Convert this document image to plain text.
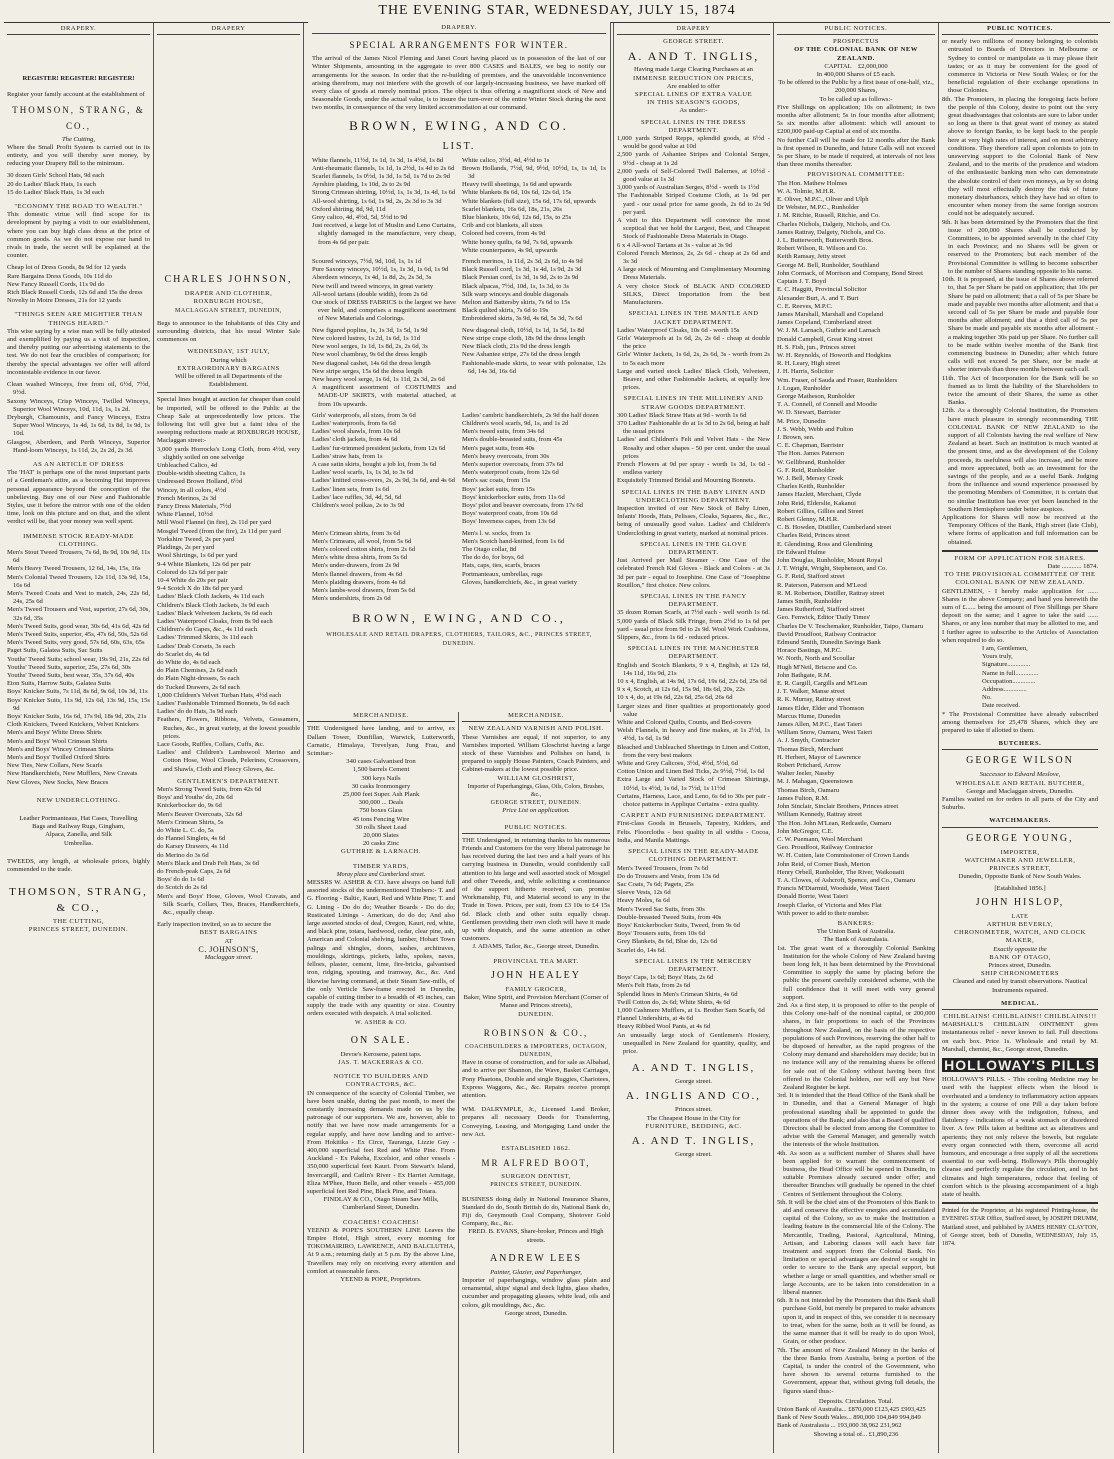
THE EVENING STAR, WEDNESDAY, JULY 15, 1874
DRAPERY.
REGISTER! REGISTER! REGISTER!
Register your family account at the establishment of
THOMSON, STRANG, & CO.,
The Cutting,
Where the Small Profit System is carried out in its entirety, and you will thereby save money, by reducing your Drapery Bill to the minimum.
30 dozen Girls' School Hats, 9d each
20 do Ladies' Black Hats, 1s each
15 do Ladies' Black Hats, 1s 3d each
"ECONOMY THE ROAD TO WEALTH."
This domestic virtue will find scope for its development by paying a visit to our establishment, where you can buy high class dress at the price of common goods. As we do not expose our hand to rivals in trade, the secret will be explained at the counter.
Cheap lot of Dress Goods, 8s 9d for 12 yards
Rare Bargains Dress Goods, 10s 11d do
New Fancy Russell Cords, 11s 9d do
Rich Black Russell Cords, 12s 6d and 15s the dress
Novelty in Moire Dresses, 21s for 12 yards
"THINGS SEEN ARE MIGHTIER THAN THINGS HEARD."
This wise saying by a wise man will be fully attested and exemplified by paying us a visit of inspection, and thereby putting our advertising statements to the test. We do not fear the crucibles of comparison; for thereby the special advantages we offer will afford incontestable evidence in our favor.
Clean washed Winceys, free from oil, 6½d, 7½d, 9½d.
Saxony Winceys, Crisp Winceys, Twilled Winceys, Superior Wool Winceys, 10d, 11d, 1s, 1s 2d.
Dryburgh, Chamounix, and Fancy Winceys, Extra Super Wool Winceys, 1s 4d, 1s 6d, 1s 8d, 1s 9d, 1s 10d.
Glasgow, Aberdeen, and Perth Winceys, Superior Hand-loom Winceys, 1s 11d, 2s, 2s 2d, 2s 3d.
AS AN ARTICLE OF DRESS
The 'HAT' is perhaps one of the most important parts of a Gentleman's attire, as a becoming Hat improves personal appearance beyond the conception of the unbelieving. Buy one of our New and Fashionable Styles, use it before the mirror with one of the olden time, look on this picture and on that, and the silent verdict will be, that your money was well spent.
IMMENSE STOCK READY-MADE CLOTHING.
Men's Stout Tweed Trousers, 7s 6d, 8s 9d, 10s 9d, 11s 6d
Men's Heavy Tweed Trousers, 12 6d, 14s, 15s, 16s
Men's Colonial Tweed Trousers, 12s 11d, 13s 9d, 15s, 16s 6d
Men's Tweed Coats and Vest to match, 24s, 22s 6d, 24s, 25s 6d
Men's Tweed Trousers and Vest, superior, 27s 6d, 30s, 32s 6d, 35s
Men's Tweed Suits, good wear, 30s 6d, 41s 6d, 42s 6d
Men's Tweed Suits, superior, 45s, 47s 6d, 50s, 52s 6d
Men's Tweed Suits, very good, 57s 6d, 60s, 63s, 65s
Paget Suits, Galatea Suits, Sac Suits
Youths' Tweed Suits; school wear, 19s 9d, 21s, 22s 6d
Youths' Tweed Suits, superior, 25s, 27s 6d, 30s
Youths' Tweed Suits, best wear, 35s, 37s 6d, 40s
Eton Suits, Harrow Suits, Galatea Suits
Boys' Knicker Suits, 7s 11d, 8s 6d, 9s 6d, 10s 3d, 11s
Boys' Knicker Suits, 11s 9d, 12s 6d, 13s 9d, 15s, 15s 9d
Boys' Knicker Suits, 16s 6d, 17s 9d, 18s 9d, 20s, 21s
Cloth Knickers, Tweed Knickers, Velvet Knickers
Men's and Boys' White Dress Shirts
Men's and Boys' Wool Crimean Shirts
Men's and Boys' Wincey Crimean Shirts
Men's and Boys' Twilled Oxford Shirts
New Ties, New Collars, New Scarfs
New Handkerchiefs, New Mufflers, New Cravats
New Gloves, New Socks, New Braces
NEW UNDERCLOTHING.
Leather Portmanteaus, Hat Cases, Travelling
Bags and Railway Rugs, Gingham,
Alpaca, Zanella, and Silk
Umbrellas.
TWEEDS, any length, at wholesale prices, highly commended to the trade.
THOMSON, STRANG, & CO.,
THE CUTTING,
PRINCES STREET, DUNEDIN.
DRAPERY
CHARLES JOHNSON,
DRAPER AND CLOTHIER,
ROXBURGH HOUSE,
MACLAGGAN STREET, DUNEDIN,
Begs to announce to the Inhabitants of this City and surrounding districts, that his usual Winter Sale commences on
WEDNESDAY, 1ST JULY,
During which
EXTRAORDINARY BARGAINS
Will be offered in all Departments of the Establishment.
Special lines bought at auction far cheaper than could be imported, will be offered to the Public at the Cheap Sale at unprecedentedly low prices. The following list will give but a faint idea of the sweeping reductions made at ROXBURGH HOUSE, Maclaggan street:-
3,000 yards Horrocks's Long Cloth, from 4½d, very slightly soiled on one selvedge
Unbleached Calico, 4d
Double-width sheeting Calico, 1s
Undressed Brown Holland, 6½d
Wincey, in all colors, 4½d
French Merinos, 2s 3d
Fancy Dress Materials, 7½d
White Flannel, 10½d
Mill Wool Flannel (in fire), 2s 11d per yard
Mosgiel Tweed (from the fire), 2s 11d per yard
Yorkshire Tweed, 2s per yard
Plaidings, 2s per yard
Wool Shirtings, 1s 6d per yard
9-4 White Blankets, 12s 6d per pair
Colored do 12s 6d per pair
10-4 White do 20s per pair
9-4 Scotch X do 18s 6d per yard
Ladies' Black Cloth Jackets, 4s 11d each
Children's Black Cloth Jackets, 3s 9d each
Ladies' Black Velveteen Jackets, 9s 6d each
Ladies' Waterproof Cloaks, from 8s 9d each
Children's do Capes, &c., 4s 11d each
Ladies' Trimmed Skirts, 3s 11d each
Ladies' Drab Corsets, 3s each
do Scarlet do, 4s 6d
do White do, 4s 6d each
do Plain Chemises, 2s 6d each
do Plain Night-dresses, 5s each
do Tucked Drawers, 2s 6d each
1,000 Children's Velvet Turban Hats, 4½d each
Ladies' Fashionable Trimmed Bonnets, 9s 6d each
Ladies' do do Hats, 3s 9d each
Feathers, Flowers, Ribbons, Velvets, Gossamers, Ruches, &c., in great variety, at the lowest possible prices.
Lace Goods, Ruffles, Collars, Cuffs, &c.
Ladies' and Children's Lambswool Merino and Cotton Hose, Wool Clouds, Pelerines, Crossovers, and Shawls, Cloth and Fleecy Gloves, &c.
GENTLEMEN'S DEPARTMENT.
Men's Strong Tweed Suits, from 42s 6d
Boys' and Youths' do, 20s 6d
Knickerbocker do, 9s 6d
Men's Beaver Overcoats, 32s 6d
Men's Crimean Shirts, 5s
do White L. C. do, 5s
do Flannel Singlets, 4s 6d
do Karsey Drawers, 4s 11d
do Merino do 3s 6d
Men's Black and Drab Felt Hats, 3s 6d
do French-peak Caps, 2s 6d
Boys' do do 1s 6d
do Scotch do 2s 6d
Men's and Boys' Hose, Gloves, Wool Cravats, and Silk Scarfs, Collars, Ties, Braces, Handkerchiefs, &c., equally cheap.
Early inspection invited, so as to secure the
BEST BARGAINS
AT
C. JOHNSON'S,
Maclaggan street.
MERCHANDISE.
THE Undersigned have landing, and to arrive, ex Dallam Tower, Dunfillan, Warwick, Lutterworth, Carnatic, Himalaya, Trevelyan, Jung Frau, and Scimitar:-
340 cases Galvanised Iron
1,500 barrels Cement
300 keys Nails
30 casks Ironmongery
25,000 feet Super. Ash Plank
300,000 ... Deals
750 boxes Glass
45 tons Fencing Wire
30 rolls Sheet Lead
20,000 Slates
20 casks Zinc
GUTHRIE & LARNACH.
TIMBER YARDS,
Moray place and Cumberland street.
MESSRS W. ASHER & CO. have always on hand full assorted stocks of the undermentioned Timbers:- T. and G. Flooring - Baltic, Kauri, Red and White Pine; T. and G. Lining - Do do do; Weather Boards - Do do do; Rusticated Linings - American, do do do; And also large assorted stocks of deal, Oregon, Kauri, red, white, and black pine, totara, hardwood, cedar, clear pine, ash, American and Colonial shelving, lumber, Hobart Town palings and shingles, doors, sashes, architraves, mouldings, skirtings, pickets, laths, spokes, naves, felloes, plaster, cement, lime, fire-bricks, galvanised iron, ridging, spouting, and tramway, &c., &c. And likewise having command, at their Steam Saw-mills, of the only Verticle Saw-frame erected in Dunedin, capable of cutting timber to a breadth of 45 inches, can supply the trade with any quantity or size. Country orders executed with despatch. A trial solicited.
W. ASHER & CO.
ON SALE.
Devoe's Kerosene, patent taps.
JAS. T. MACKERRAS & CO.
NOTICE TO BUILDERS AND CONTRACTORS, &C.
IN consequence of the scarcity of Colonial Timber, we have been unable, during the past month, to meet the constantly increasing demands made on us by the patronage of our supporters. We are, however, able to notify that we have now made arrangements for a regular supply, and have now landing and to arrive:- From Hokitika - Ex Circe, Tauranga, Lizzie Guy - 400,000 superficial feet Red and White Pine. From Auckland - Ex Pakeha, Excelsior, and other vessels - 350,000 superficial feet Kauri. From Stewart's Island, Invercargill, and Catlin's River - Ex Harriet Armitage, Eliza M'Phee, Huon Belle, and other vessels - 455,000 superficial feet Red Pine, Black Pine, and Totara.
FINDLAY & CO., Otago Steam Saw Mills, Cumberland Street, Dunedin.
COACHES! COACHES!
YEEND & POPE'S SOUTHERN LINE Leaves the Empire Hotel, High street, every morning for TOKOMAIRIRO, LAWRENCE, AND BALCLUTHA, At 9 a.m.; returning daily at 5 p.m. By the above Line, Travellers may rely on receiving every attention and comfort at reasonable fares.
YEEND & POPE, Proprietors.
MERCHANDISE.
NEW ZEALAND VARNISH AND POLISH.
These Varnishes are equal, if not superior, to any Varnishes imported. William Gloschrist having a large stock of these Varnishes and Polishes on hand, is prepared to supply House Painters, Coach Painters, and Cabinet-makers at the lowest possible price.
WILLIAM GLOSHRIST,
Importer of Paperhangings, Glass, Oils, Colors, Brushes, &c.,
GEORGE STREET, DUNEDIN.
Price List on application.
PUBLIC NOTICES.
THE Undersigned, in returning thanks to his numerous Friends and Customers for the very liberal patronage he has received during the last two and a half years of his carrying business in Dunedin, would confidently call attention to his large and well assorted stock of Mosgiel and other Tweeds, and, while soliciting a continuance of the support hitherto received, can promise Workmanship, Fit, and Material second to any in the Trade in Town. Prices, per suit, from £3 10s to £4 15s 6d. Black cloth and other suits equally cheap. Gentlemen providing their own cloth will have it made up with despatch, and the same attention as other customers.
J. ADAMS, Tailor, &c., George street, Dunedin.
PROVINCIAL TEA MART.
JOHN HEALEY
FAMILY GROCER,
Baker, Wine Spirit, and Provision Merchant (Corner of Manse and Princes streets),
DUNEDIN.
ROBINSON & CO.,
COACHBUILDERS & IMPORTERS, OCTAGON, DUNEDIN,
Have in course of construction, and for sale as Albahad, and to arrive per Shannon, the Wave, Basket Carriages, Pony Phaetons, Double and single Buggies, Chariotees, Express Waggons, &c., &c. Repairs receive prompt attention.
WM. DALRYMPLE, Jr., Licensed Land Broker, prepares all necessary Deeds for Transferring, Conveying, Leasing, and Mortgaging Land under the new Act.
ESTABLISHED 1862.
MR ALFRED BOOT,
SURGEON DENTIST,
PRINCES STREET, DUNEDIN.
BUSINESS doing daily in National Insurance Shares, Standard do do, South British do do, National Bank do, Fiji do, Greymouth Coal Company, Shotover Gold Company, &c., &c.
FRED. B. EVANS, Share-broker, Princes and High streets.
ANDREW LEES
Painter, Glazier, and Paperhanger,
Importer of paperhangings, window glass plain and ornamental, ships' signal and deck lights, glass shades, cucumber and propagating glasses, white lead, oils and colors, gilt mouldings, &c., &c.
George street, Dunedin.
DRAPERY
GEORGE STREET.
A. AND T. INGLIS,
Having made Large Clearing Purchases at an
IMMENSE REDUCTION ON PRICES,
Are enabled to offer
SPECIAL LINES OF EXTRA VALUE
IN THIS SEASON'S GOODS,
As under:-
SPECIAL LINES IN THE DRESS DEPARTMENT.
1,000 yards Striped Repps, splendid goods, at 6½d - would be good value at 10d
2,500 yards of Ashantee Stripes and Colonial Serges, 9½d - cheap at 1s 2d
2,000 yards of Self-Colored Twill Balernes, at 10½d - good value at 1s 3d
3,000 yards of Australian Serges, 8½d - worth 1s 1½d
The Fashionable Striped Costume Cloth, at 1s 9d per yard - our usual price for same goods, 2s 6d to 2s 9d per yard.
A visit to this Department will convince the most sceptical that we hold the Largest, Best, and Cheapest Stock of Fashionable Dress Materials in Otago.
6 x 4 All-wool Tartans at 3s - value at 3s 9d
Colored French Merinos, 2s, 2s 6d - cheap at 2s 6d and 3s 3d
A large stock of Mourning and Complimentary Mourning Dress Materials.
A very choice Stock of BLACK AND COLORED SILKS, Direct Importation from the best Manufacturers.
SPECIAL LINES IN THE MANTLE AND JACKET DEPARTMENT.
Ladies' Waterproof Cloaks, 10s 6d - worth 15s
Girls' Waterproofs at 1s 6d, 2s, 2s 6d - cheap at double the price
Girls' Winter Jackets, 1s 6d, 2s, 2s 6d, 3s - worth from 2s to 5s each more
Large and varied stock Ladies' Black Cloth, Velveteen, Beaver, and other Fashionable Jackets, at equally low prices.
SPECIAL LINES IN THE MILLINERY AND STRAW GOODS DEPARTMENT.
300 Ladies' Black Straw Hats at 9d - worth 1s 6d
370 Ladies' Fashionable do at 1s 3d to 2s 6d, being at half the usual prices
Ladies' and Children's Felt and Velvet Hats - the New Rosalty and other shapes - 50 per cent. under the usual prices
French Flowers at 9d per spray - worth 1s 3d, 1s 6d - endless variety
Exquisitely Trimmed Bridal and Mourning Bonnets.
SPECIAL LINES IN THE BABY LINEN AND UNDERCLOTHING DEPARTMENT.
Inspection invited of our New Stock of Baby Linen, Infants' Hoods, Hats, Pelisses, Cloaks, Squares, &c., &c., being of unusually good value. Ladies' and Children's Underclothing in great variety, marked at nominal prices.
SPECIAL LINES IN THE GLOVE DEPARTMENT.
Just Arrived per Mail Steamer - One Case of the celebrated French Kid Gloves - Black and Colors - at 3s 3d per pair - equal to Josephine. One Case of "Josephine Rouillon," first choice. New colors.
SPECIAL LINES IN THE FANCY DEPARTMENT.
35 dozen Roman Scarfs, at 7½d each - well worth 1s 6d. 5,000 yards of Black Silk Fringe, from 2½d to 1s 6d per yard - usual price from 9d to 2s 9d. Wool Work Cushions, Slippers, &c., from 1s 6d - reduced prices.
SPECIAL LINES IN THE MANCHESTER DEPARTMENT.
English and Scotch Blankets, 9 x 4, English, at 12s 6d, 14s 11d, 16s 9d, 21s
10 x 4, English, at 14s 9d, 17s 6d, 19s 6d, 22s 6d, 25s 6d
9 x 4, Scotch, at 12s 6d, 15s 9d, 18s 6d, 20s, 22s
10 x 4, do, at 19s 6d, 22s 6d, 25s 6d, 26s 6d
Larger sizes and finer qualities at proportionately good value
White and Colored Quilts, Counts, and Bed-covers
Welsh Flannels, in heavy and fine makes, at 1s 2½d, 1s 4½d, 1s 6d, 1s 9d
Bleached and Unbleached Sheetings in Linen and Cotton, from the very best makers
White and Grey Calicoes, 3½d, 4½d, 5½d, 6d
Cotton Union and Linen Bed Ticks, 2s 9½d, 7½d, 1s 6d
Extra Large and Varied Stock of Crimean Shirtings, 10½d, 1s 4½d, 1s 6d, 1s 7½d, 1s 11½d
Curtains, Harness, Lace, and Leno, 6s 6d to 30s per pair - choice patterns in Applique Curtains - extra quality.
CARPET AND FURNISHING DEPARTMENT.
First-class Goods in Brussels, Tapestry, Kidders, and Felts. Floorcloths - best quality in all widths - Cocoa, India, and Manila Mattings.
SPECIAL LINES IN THE READY-MADE CLOTHING DEPARTMENT.
Men's Tweed Trousers, from 7s 6d
Do do Trousers and Vests, from 13s 6d
Sac Coats, 7s 6d; Pagets, 25s
Sleeve Vests, 12s 6d
Heavy Moles, 6s 6d
Men's Tweed Sac Suits, from 30s
Double-breasted Tweed Suits, from 40s
Boys' Knickerbocker Suits, Tweed, from 9s 6d
Boys' Trousers suits, from 10s 6d
Grey Blankets, 8s 6d, Blue do, 12s 6d
Scarlet do, 14s 6d.
SPECIAL LINES IN THE MERCERY DEPARTMENT.
Boys' Caps, 1s 6d; Boys' Hats, 2s 6d
Men's Felt Hats, from 2s 6d
Splendid lines in Men's Crimean Shirts, 4s 6d
Twill Cotton do, 2s 6d; White Shirts, 4s 6d
1,000 Cashmere Mufflers, at 1s. Brother Sam Scarfs, 6d
Flannel Undershirts, at 4s 6d
Heavy Ribbed Wool Pants, at 4s 6d
An unusually large stock of Gentlemen's Hosiery, unequalled in New Zealand for quantity, quality, and price.
A. AND T. INGLIS,
George street.
A. INGLIS AND CO.,
Princes street.
The Cheapest House in the City for
FURNITURE, BEDDING, &C.
A. AND T. INGLIS,
George street.
PUBLIC NOTICES.
PROSPECTUS
OF THE COLONIAL BANK OF NEW ZEALAND.
CAPITAL £2,000,000
In 400,000 Shares of £5 each.
To be offered to the Public by a first issue of one-half, viz., 200,000 Shares,
To be called up as follows:-
Five Shillings on application; 10s on allotment; in two months after allotment; 5s in four months after allotment; 5s six months after allotment: which will amount to £200,000 paid-up Capital at end of six months.
No further Call will be made for 12 months after the Bank is first opened in Dunedin, and future Calls will not exceed 5s per Share, to be made if required, at intervals of not less than three months thereafter.
PROVISIONAL COMMITTEE:
The Hon. Mathew Holmes
W. A. Tolmie, M.H.R.
E. Oliver, M.P.C., Oliver and Ulph
Dr Webster, M.P.C., Runholder
J. M. Ritchie, Russell, Ritchie, and Co.
Charles Nichols, Dalgety, Nichols, and Co.
James Rattray, Dalgety, Nichols, and Co.
J. L. Butterworth, Butterworth Bros.
Robert Wilson, R. Wilson and Co.
Keith Ramsay, Jetty street
George M. Bell, Runholder, Southland
John Cormack, of Morrison and Company, Bond Street
Captain J. T. Boyd
E. C. Haggitt, Provincial Solicitor
Alexander Burt, A. and T. Burt
C. E. Reeves, M.P.C.
James Marshall, Marshall and Copeland
James Copeland, Cumberland street
W. J. M. Larnach, Guthrie and Larnach
Donald Campbell, Great King street
H. S. Fish, jun., Princes street
W. H. Reynolds, of Howorth and Hodgkins
R. H. Leary, High street
J. H. Harris, Solicitor
Wm. Fraser, of Sauda and Fraser, Runholders
J. Logan, Runholder
George Matheson, Runholder
T. A. Connell, of Connell and Moodie
W. D. Stewart, Barrister
M. Price, Dunedin
J. S. Webb, Webb and Fulton
J. Brown, sen.
C. E. Chapman, Barrister
The Hon. James Paterson
W. Gellibrand, Runholder
G. F. Reid, Runholder
W. J. Bell, Mersey Creek
Charles Keith, Runholder
James Hazlett, Merchant, Clyde
John Reid, Elderslie, Kakanui
Robert Gillies, Gillies and Street
Robert Glenny, M.H.R.
C. B. Howden, Distiller, Cumberland street
Charles Reid, Princes street
E. Glendining, Ross and Glendining
Dr Edward Hulme
John Douglas, Runholder, Mount Royal
J. T. Wright, Wright, Stephenson, and Co.
G. F. Reid, Stafford street
R. Paterson, Paterson and M'Leod
R. M. Robertson, Distiller, Rattray street
James Smith, Runholder
James Rutherford, Stafford street
Geo. Fenwick, Editor 'Daily Times'
Charles De V. Teschemaker, Runholder, Taipo, Oamaru
David Proudfoot, Railway Contractor
Edmund Smith, Dunedin Savings Bank
Horace Bastings, M.P.C.
W. North, North and Scoullar
Hugh M'Neil, Briscoe and Co.
John Bathgate, R.M.
E. R. Cargill, Cargills and M'Lean
J. T. Walker, Manse street
R. K. Murray, Rattray street
James Elder, Elder and Thomson
Marcus Hume, Dunedin
James Allen, M.P.C., East Taieri
William Snow, Oamaru, West Taieri
A. J. Smyth, Contractor
Thomas Birch, Merchant
H. Herbert, Mayor of Lawrence
Robert Pritchard, Arrow
Walter Jeeler, Naseby
M. J. Mahagan, Queenstown
Thomas Birch, Oamaru
James Fulton, R.M.
John Sinclair, Sinclair Brothers, Princes street
William Kennedy, Rattray street
The Hon. John M'Lean, Redcastle, Oamaru
John McGregor, C.E.
C. W. Puemann, Wool Merchant
Geo. Proudfoot, Railway Contractor
W. H. Cutten, late Commissioner of Crown Lands
John Reid, of Corner Bush, Merton
Henry Orbell, Runholder, The River, Waikouaiti
T. A. Clowes, of Ashcroft, Spence, and Co., Oamaru
Francis M'Diarmid, Woodside, West Taieri
Donald Borrie, West Taieri
Joseph Clarke, of Victoria and Mes Flat
With power to add to their number.
BANKERS:
The Union Bank of Australia.
The Bank of Australasia.
1st. The great want of a thoroughly Colonial Banking Institution for the whole Colony of New Zealand having been long felt, it has been determined by the Provisional Committee to supply the same by placing before the public the present carefully considered scheme, with the full confidence that it will meet with very general support.
2nd. As a first step, it is proposed to offer to the people of this Colony one-half of the nominal capital, or 200,000 shares, in fair proportions to each of the Provinces throughout New Zealand, on the basis of the respective populations of such Provinces, reserving the other half to be disposed of hereafter, as the rapid progress of the Colony may demand and shareholders may decide; but in no instance will any of the remaining shares be offered for sale out of the Colony without having been first offered to the Colonial holders, nor will any but New Zealand Register be kept.
3rd. It is intended that the Head Office of the Bank shall be in Dunedin, and that a General Manager of high professional standing shall be appointed to guide the operations of the Bank; and also that a Board of qualified Directors shall be elected from among the Committee to advise with the General Manager, and generally watch the interests of the whole Institution.
4th. As soon as a sufficient number of Shares shall have been applied for to warrant the commencement of business, the Head Office will be opened in Dunedin, in suitable Premises already secured under offer; and thereafter Branches will gradually be opened in the chief Centres of Settlement throughout the Colony.
5th. It will be the chief aim of the Promoters of this Bank to aid and conserve the effective energies and accumulated capital of the Colony, so as to make the Institution a leading feature in the commercial life of the Colony. The Mercantile, Trading, Pastoral, Agricultural, Mining, Artisan, and Laboring classes will each have fair treatment and support from the Colonial Bank. No limitation or special advantages are desired or sought in order to secure to the Bank any special support, but whether a large or small quantities, and whether small or large Accounts, are to be taken into consideration in a liberal manner.
6th. It is not intended by the Promoters that this Bank shall purchase Gold, but merely be prepared to make advances upon it, and in respect of this, we consider it is necessary to treat, when for the same, both as it will be found, as the same manner that it will be ready to do upon Wool, Grain, or other produce.
7th. The amount of New Zealand Money in the banks of the three Banks from Australia, being a portion of the Capital, is under the control of the Government, who have shown its several returns furnished to the Government, appear that, without giving full details, the figures stand thus:-
Deposits. Circulation. Total.
Union Bank of Australia... £870,000 £123,425 £993,425
Bank of New South Wales... 890,000 104,849 994,849
Bank of Australasia ... 193,000 38,962 231,962
Showing a total of... £1,890,236
PUBLIC NOTICES.
or nearly two millions of money belonging to colonists entrusted to Boards of Directors in Melbourne or Sydney to control or manipulate as it may please their tastes; or as it may be convenient for the good of commerce in Victoria or New South Wales; or for the beneficial regulation of their exchange operations in those Colonies.
8th. The Promoters, in placing the foregoing facts before the people of this Colony, desire to point out the very great disadvantages that colonists are sure to labor under so long as there is that great want of money as stated above to foreign Banks, to be kept back to the people here at very high rates of interest, and on most arbitrary conditions. They therefore call upon colonists to join in unswerving support to the Colonial Bank of New Zealand, and to the merits of the prudence and wisdom of the enthusiastic banking men who can demonstrate the absolute control of their own moneys, as by so doing they will most effectually destroy the risk of future monetary disturbances, which they have had so often to encounter when money from the same foreign sources could not be adequately secured.
9th. It has been determined by the Promoters that the first issue of 200,000 Shares shall be conducted by Committees, to be appointed severally in the chief City in each Province; and no Shares will be given or reserved to the Promoters; but each member of the Provisional Committee is willing to become subscriber to the number of Shares standing opposite to his name.
10th. It is proposed, at the issue of Shares above referred to, that 5s per Share be paid on application; that 10s per Share be paid on allotment; that a call of 5s per Share be made and payable two months after allotment; and that a second call of 5s per Share be made and payable four months after allotment; and that a third call of 5s per Share be made and payable six months after allotment - a making together 30s paid up per Share. No further call to be made within twelve months of the Bank first commencing business in Dunedin; after which future calls will not exceed 5s per Share, nor be made at shorter intervals than three months between each call.
11th. The Act of Incorporation for the Bank will be so framed as to limit the liability of the Shareholders to twice the amount of their Shares, the same as other Banks.
12th. As a thoroughly Colonial Institution, the Promoters have much pleasure in strongly recommending THE COLONIAL BANK OF NEW ZEALAND to the support of all Colonists having the real welfare of New Zealand at heart. Such an institution is much wanted at the present time, and as the development of the Colony proceeds, its usefulness will also increase, and be more and more appreciated, both as an investment for the savings of the people, and as a useful Bank. Judging from the influence and sound experience possessed by the promoting Members of Committee, it is certain that no similar Institution has ever yet been launched in the Southern Hemisphere under better auspices.
Applications for Shares will now be received at the Temporary Offices of the Bank, High street (late Club), where forms of application and full information can be obtained.
FORM OF APPLICATION FOR SHARES.
Date ............ 1874.
TO THE PROVISIONAL COMMITTEE OF THE COLONIAL BANK OF NEW ZEALAND.
GENTLEMEN, - I hereby make application for ...... Shares in the above Company; and hand you herewith the sum of £...... being the amount of Five Shillings per Share deposit on the same; and I agree to take the said ...... Shares, or any less number that may be allotted to me, and I further agree to subscribe to the Articles of Association when required to do so.
I am, Gentlemen,
Yours truly,
Signature..............
Name in full..............
Occupation..............
Address..............
No.
Date received.
* The Provisional Committee have already subscribed among themselves for 25,478 Shares, which they are prepared to take if allotted to them.
BUTCHERS.
GEORGE WILSON
Successor to Edward Meslove,
WHOLESALE AND RETAIL BUTCHER,
George and Maclaggan streets, Dunedin.
Families waited on for orders in all parts of the City and Suburbs.
WATCHMAKERS.
GEORGE YOUNG,
IMPORTER,
WATCHMAKER AND JEWELLER,
PRINCES STREET,
Dunedin, Opposite Bank of New South Wales.
[Established 1856.]
JOHN HISLOP,
LATE
ARTHUR BEVERLY,
CHRONOMETER, WATCH, AND CLOCK MAKER,
Exactly opposite the
BANK OF OTAGO,
Princes street, Dunedin.
SHIP CHRONOMETERS
Cleaned and rated by transit observations. Nautical Instruments repaired.
MEDICAL.
CHILBLAINS! CHILBLAINS!! CHILBLAINS!!!
MARSHALL'S CHILBLAIN OINTMENT gives instantaneous relief - never known to fail. Full directions on each box. Price 1s. Wholesale and retail by M. Marshall, chemist, &c., George street, Dunedin.
HOLLOWAY'S PILLS
HOLLOWAY'S PILLS. - This cooling Medicine may be used with the happiest effects when the blood is overheated and a tendency to inflammatory action appears in the system; a course of one Pill a day taken before dinner does away with the indigestion, fulness, and flatulency - indications of a weak stomach or disordered liver. A few Pills taken at bedtime act as alteratives and aperients; they not only relieve the bowels, but regulate every organ connected with them, overcome all acrid humours, and encourage a free supply of all the secretions essential to our well-being. Holloway's Pills thoroughly cleanse and perfectly regulate the circulation, and in hot climates and high temperatures, reduce that feeling of comfort which is the pleasing accompaniment of a high state of health.
Printed for the Proprietor, at his registered Printing-house, the EVENING STAR Office, Stafford street, by JOSEPH DRUMM, Maitland street, and published by JAMES HENRY CLAYTON, of George street, both of Dunedin, WEDNESDAY, July 15, 1874.
DRAPERY.
SPECIAL ARRANGEMENTS FOR WINTER.
The arrival of the James Nicol Fleming and Janet Court having placed us in possession of the last of our Winter Shipments, amounting in the aggregate to over 800 CASES and BALES, we beg to notify our arrangements for the season. In order that the re-building of premises, and the unavoidable inconvenience arising therefrom, may not interfere with the growth of our largely-increasing business, we have marked off every class of goods at merely nominal prices. The object is thus offering a magnificent stock of New and Seasonable Goods, under the actual value, is to insure the turn-over of the entire Winter Stock during the next two months, in consequence of the very limited accommodation at our command.
BROWN, EWING, AND CO.
LIST.
White flannels, 11½d, 1s 1d, 1s 3d, 1s 4½d, 1s 8d
Anti-rheumatic flannels, 1s 1d, 1s 2½d, 1s 4d to 2s 6d
Scarlet flannels, 1s 0½d, 1s 3d, 1s 5d, 1s 7d to 2s 9d
Ayrshire plaiding, 1s 10d, 2s to 2s 9d
Strong Crimean shirting, 10½d, 1s, 1s 3d, 1s 4d, 1s 6d
All-wool shirting, 1s 6d, 1s 9d, 2s, 2s 3d to 3s 3d
Oxford shirting, 8d, 9d, 11d
Grey calico, 4d, 4½d, 5d, 5½d to 9d
Just received, a large lot of Muslin and Leno Curtains, slightly damaged in the manufacture, very cheap, from 4s 6d per pair.
White calico, 3½d, 4d, 4½d to 1s
Brown Hollands, 7½d, 9d, 9½d, 10½d, 1s, 1s 1d, 1s 3d
Heavy twill sheetings, 1s 6d and upwards
White blankets 8s 6d, 10s 6d, 12s 6d, 15s
White blankets (full size), 15s 6d, 17s 6d, upwards
Scarlet blankets, 16s 6d, 18s, 21s, 26s
Blue blankets, 10s 6d, 12s 6d, 15s, to 25s
Crib and cot blankets, all sizes
Colored bed covers, from 4s 9d
White honey quilts, 6s 9d, 7s 6d, upwards
White counterpanes, 4s 9d, upwards
Scoured winceys, 7½d, 9d, 10d, 1s, 1s 1d
Pure Saxony winceys, 10½d, 1s, 1s 3d, 1s 6d, 1s 9d
Aberdeen winceys, 1s 4d, 1s 8d, 2s, 2s 3d, 3s
New twill and tweed winceys, in great variety
All-wool tartans (double width), from 2s 6d
Our stock of DRESS FABRICS is the largest we have ever held, and comprises a magnificent assortment of New Materials and Colorings.
French merinos, 1s 11d, 2s 3d, 2s 6d, to 4s 9d
Black Russell cord, 1s 3d, 1s 4d, 1s 9d, 2s 3d
Black Persian cord, 1s 3d, 1s 9d, 2s to 2s 9d
Black alpacas, 7½d, 10d, 1s, 1s 3d, to 3s
Silk warp winceys and double diagonals
Melton and Battersby skirts, 7s 6d to 15s
Black quilted skirts, 7s 6d to 19s
Embroidered skirts, 3s 9d, 4s 6d, 5s 3d, 7s 6d
New figured poplins, 1s, 1s 3d, 1s 5d, 1s 9d
New colored lustres, 1s 2d, 1s 6d, 1s 11d
New wool serges, 1s 1d, 1s 8d, 2s, 2s 6d, 3s
New wool chambray, 9s 6d the dress length
New diagonal cashet, 14s 6d the dress length
New stripe serges, 15s 6d the dress length
New heavy wool serge, 1s 6d, 1s 11d, 2s 3d, 2s 6d
A magnificent assortment of COSTUMES and MADE-UP SKIRTS, with material attached, at from 10s upwards.
New diagonal cloth, 10½d, 1s 1d, 1s 5d, 1s 8d
New stripe crape cloth, 18s 9d the dress length
New Black cloth, 21s 9d the dress length
New Ashantee stripe, 27s 6d the dress length
Fashionable-made skirts, to wear with polonaise, 12s 6d, 14s 3d, 16s 6d
Girls' waterproofs, all sizes, from 3s 6d
Ladies' waterproofs, from 6s 6d
Ladies' wool shawls, from 10s 6d
Ladies' cloth jackets, from 4s 6d
Ladies' fur-trimmed president jackets, from 12s 6d
Ladies' straw hats, from 1s
A case satin skirts, bought a job lot, from 3s 6d
Ladies' wool scarfs, 1s, 1s 3d, to 3s 6d
Ladies' knitted cross-overs, 2s, 2s 9d, 3s 6d, and 4s 6d
Ladies' linen sets, from 1s 6d
Ladies' lace ruffles, 3d, 4d, 5d, 6d
Children's wool polkas, 2s to 3s 9d
Ladies' cambric handkerchiefs, 2s 9d the half dozen
Children's wool scarfs, 9d, 1s, and 1s 2d
Men's tweed suits, from 34s 6d
Men's double-breasted suits, from 45s
Men's paget suits, from 40s
Men's heavy overcoats, from 30s
Men's superior overcoats, from 37s 6d
Men's waterproof coats, from 12s 6d
Men's sac coats, from 15s
Boys' jacket suits, from 15s
Boys' knickerbocker suits, from 11s 6d
Boys' pilot and beaver overcoats, from 17s 6d
Boys' waterproof coats, from 10s 6d
Boys' Inverness capes, from 13s 6d
Men's Crimean shirts, from 3s 6d
Men's Crimeans, all wool, from 5s 6d
Men's colored cotton shirts, from 2s 6d
Men's white dress shirts, from 5s 6d
Men's under-drawers, from 2s 9d
Men's flannel drawers, from 4s 6d
Men's plaiding drawers, from 4s 6d
Men's lambs-wool drawers, from 5s 6d
Men's undershirts, from 2s 6d
Men's l. w. socks, from 1s
Men's Scotch hand-knitted, from 1s 6d
The Otago collar, 8d
The do do, for boys, 6d
Hats, caps, ties, scarfs, braces
Portmanteaux, umbrellas, rugs
Gloves, handkerchiefs, &c., in great variety
BROWN, EWING, AND CO.,
WHOLESALE AND RETAIL DRAPERS, CLOTHIERS, TAILORS, &C., PRINCES STREET, DUNEDIN.
